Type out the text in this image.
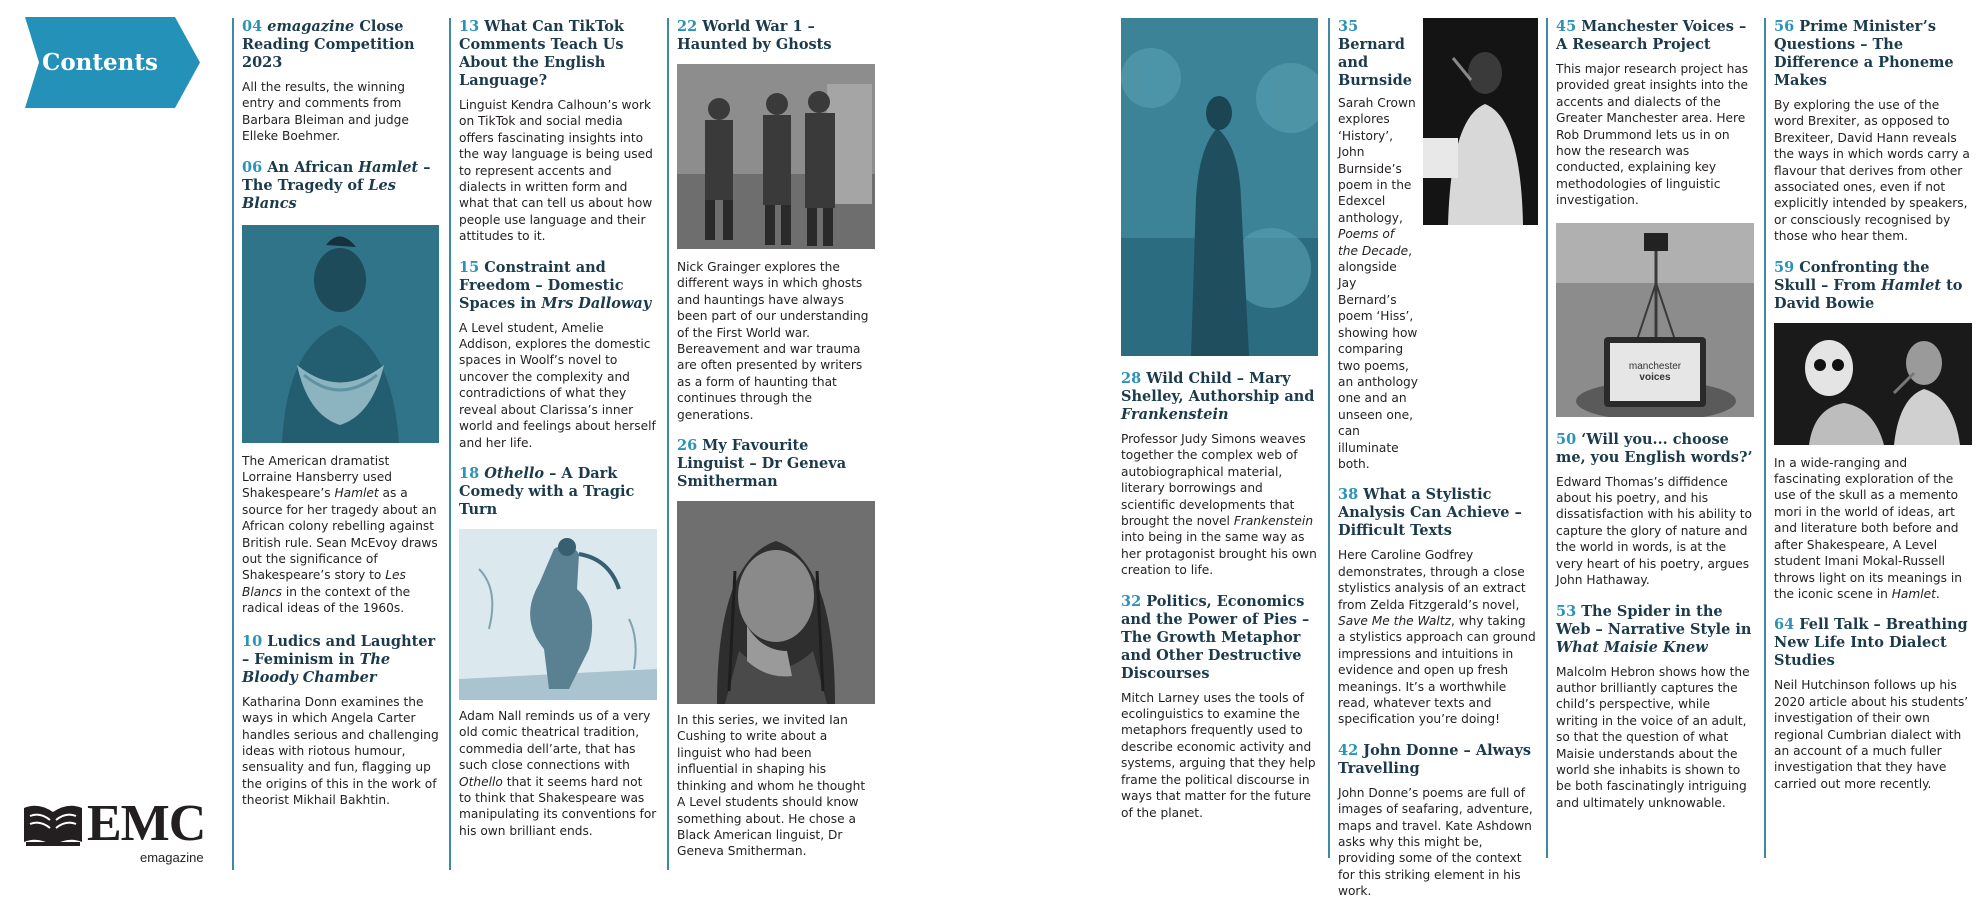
Contents
EMC
emagazine

04 emagazine Close Reading Competition 2023

All the results, the winning entry and comments from Barbara Bleiman and judge Elleke Boehmer.

06 An African Hamlet – The Tragedy of Les Blancs

The American dramatist Lorraine Hansberry used Shakespeare’s Hamlet as a source for her tragedy about an African colony rebelling against British rule. Sean McEvoy draws out the significance of Shakespeare’s story to Les Blancs in the context of the radical ideas of the 1960s.

10 Ludics and Laughter – Feminism in The Bloody Chamber

Katharina Donn examines the ways in which Angela Carter handles serious and challenging ideas with riotous humour, sensuality and fun, flagging up the origins of this in the work of theorist Mikhail Bakhtin.

13 What Can TikTok Comments Teach Us About the English Language?

Linguist Kendra Calhoun’s work on TikTok and social media offers fascinating insights into the way language is being used to represent accents and dialects in written form and what that can tell us about how people use language and their attitudes to it.

15 Constraint and Freedom – Domestic Spaces in Mrs Dalloway

A Level student, Amelie Addison, explores the domestic spaces in Woolf’s novel to uncover the complexity and contradictions of what they reveal about Clarissa’s inner world and feelings about herself and her life.

18 Othello – A Dark Comedy with a Tragic Turn

Adam Nall reminds us of a very old comic theatrical tradition, commedia dell’arte, that has such close connections with Othello that it seems hard not to think that Shakespeare was manipulating its conventions for his own brilliant ends.

22 World War 1 – Haunted by Ghosts

Nick Grainger explores the different ways in which ghosts and hauntings have always been part of our understanding of the First World war. Bereavement and war trauma are often presented by writers as a form of haunting that continues through the generations.

26 My Favourite Linguist – Dr Geneva Smitherman

In this series, we invited Ian Cushing to write about a linguist who had been influential in shaping his thinking and whom he thought A Level students should know something about. He chose a Black American linguist, Dr Geneva Smitherman.

28 Wild Child – Mary Shelley, Authorship and Frankenstein

Professor Judy Simons weaves together the complex web of autobiographical material, literary borrowings and scientific developments that brought the novel Frankenstein into being in the same way as her protagonist brought his own creation to life.

32 Politics, Economics and the Power of Pies – The Growth Metaphor and Other Destructive Discourses

Mitch Larney uses the tools of ecolinguistics to examine the metaphors frequently used to describe economic activity and systems, arguing that they help frame the political discourse in ways that matter for the future of the planet.

35
Bernard and Burnside

Sarah Crown explores ‘History’, John Burnside’s poem in the Edexcel anthology, Poems of the Decade, alongside Jay Bernard’s poem ‘Hiss’, showing how comparing two poems, an anthology one and an unseen one, can illuminate both.

38 What a Stylistic Analysis Can Achieve – Difficult Texts

Here Caroline Godfrey demonstrates, through a close stylistics analysis of an extract from Zelda Fitzgerald’s novel, Save Me the Waltz, why taking a stylistics approach can ground impressions and intuitions in evidence and open up fresh meanings. It’s a worthwhile read, whatever texts and specification you’re doing!

42 John Donne – Always Travelling

John Donne’s poems are full of images of seafaring, adventure, maps and travel. Kate Ashdown asks why this might be, providing some of the context for this striking element in his work.

45 Manchester Voices – A Research Project

This major research project has provided great insights into the accents and dialects of the Greater Manchester area. Here Rob Drummond lets us in on how the research was conducted, explaining key methodologies of linguistic investigation.

manchester
voices

50 ‘Will you... choose me, you English words?’

Edward Thomas’s diffidence about his poetry, and his dissatisfaction with his ability to capture the glory of nature and the world in words, is at the very heart of his poetry, argues John Hathaway.

53 The Spider in the Web – Narrative Style in What Maisie Knew

Malcolm Hebron shows how the author brilliantly captures the child’s perspective, while writing in the voice of an adult, so that the question of what Maisie understands about the world she inhabits is shown to be both fascinatingly intriguing and ultimately unknowable.

56 Prime Minister’s Questions – The Difference a Phoneme Makes

By exploring the use of the word Brexiter, as opposed to Brexiteer, David Hann reveals the ways in which words carry a flavour that derives from other associated ones, even if not explicitly intended by speakers, or consciously recognised by those who hear them.

59 Confronting the Skull – From Hamlet to David Bowie

In a wide-ranging and fascinating exploration of the use of the skull as a memento mori in the world of ideas, art and literature both before and after Shakespeare, A Level student Imani Mokal-Russell throws light on its meanings in the iconic scene in Hamlet.

64 Fell Talk – Breathing New Life Into Dialect Studies

Neil Hutchinson follows up his 2020 article about his students’ investigation of their own regional Cumbrian dialect with an account of a much fuller investigation that they have carried out more recently.
